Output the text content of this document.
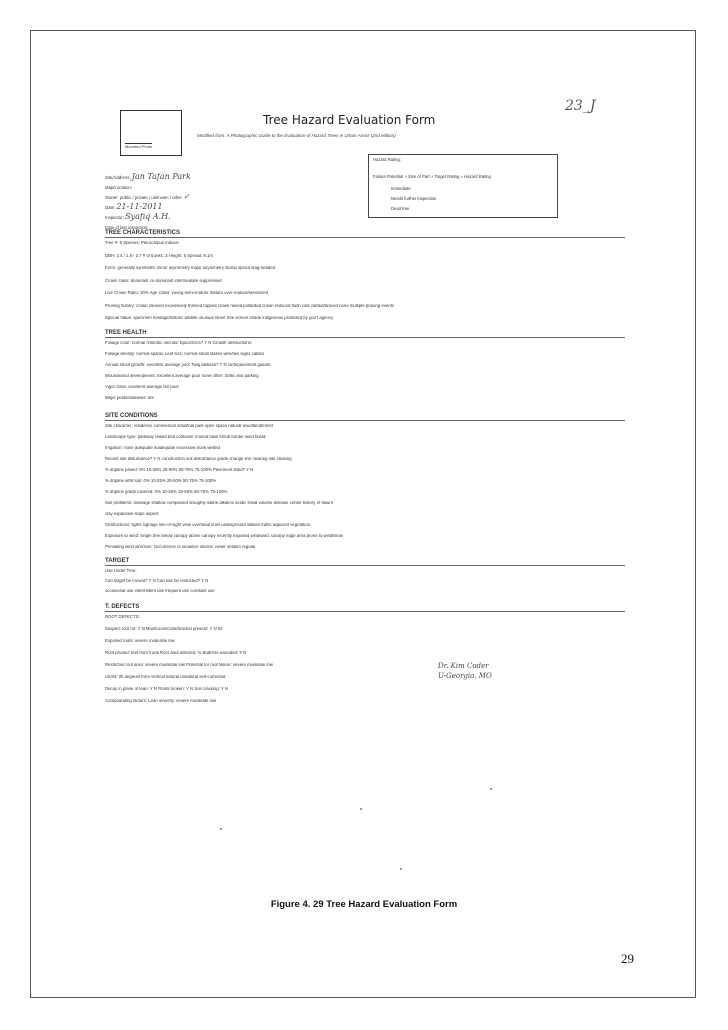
23_J
Mounted Photo
Tree Hazard Evaluation Form
Modified from: A Photographic Guide to the Evaluation of Hazard Trees in Urban Areas (2nd edition)
Hazard Rating:
Failure Potential + Size of Part + Target Rating = Hazard Rating
Immediate
Needs further inspection
Dead tree
Site/Address: Jan Tafan Park
Map/Location:
Owner: public / private / unknown / other ✓
Date: 21-11-2011
Inspector: Syafiq A.H.
Date of last inspection:
TREE CHARACTERISTICS
Tree #: 6 Species: Pterocarpus indicus
DBH: 2.4 / 1.8 / 2.7 # of trunks: 3 Height: 6 Spread: 9.1m
Form: generally symmetric minor asymmetry major asymmetry stump sprout stag-headed
Crown class: dominant co-dominant intermediate suppressed
Live Crown Ratio: 30% Age Class: young semi-mature mature over-mature/senescent
Pruning history: crown cleaned excessively thinned topped crown raised pollarded crown reduced flush cuts cabled/braced none multiple pruning events
Special Value: specimen heritage/historic wildlife unusual street tree screen shade indigenous protected by gov't agency
TREE HEALTH
Foliage color: normal chlorotic necrotic Epicormics? Y N Growth obstructions:
Foliage density: normal sparse Leaf size: normal small stakes wire/ties signs cables
Annual shoot growth: excellent average poor Twig dieback? Y N curb/pavement guards
Woundwood development: excellent average poor none other: traffic and parking
Vigor class: excellent average fair poor
Major pests/diseases: ant
SITE CONDITIONS
Site character: residence commercial industrial park open space natural woodland/forest
Landscape type: parkway raised bed container mound lawn shrub border wind break
Irrigation: none adequate inadequate excessive trunk wetted
Recent site disturbance? Y N construction soil disturbance grade change line clearing site clearing
% dripline paved: 0% 10-25% 25-50% 50-75% 75-100% Pavement lifted? Y N
% dripline w/fill soil: 0% 10-25% 25-50% 50-75% 75-100%
% dripline grade lowered: 0% 10-25% 25-50% 50-75% 75-100%
Soil problems: drainage shallow compacted droughty saline alkaline acidic small volume disease center history of failure
clay expansive slope aspect
Obstructions: lights signage line-of-sight view overhead lines underground utilities traffic adjacent vegetation
Exposure to wind: single tree below canopy above canopy recently exposed windward, canopy edge area prone to windthrow
Prevailing wind direction: Occurrence of snow/ice storms: never seldom regular
TARGET
Use Under Tree:
Can target be moved? Y N Can use be restricted? Y N
occasional use intermittent use frequent use constant use
T. DEFECTS
ROOT DEFECTS:
Suspect root rot: Y N Mushroom/conk/bracket present: Y N ID:
Exposed roots: severe moderate low
Root pruned: feet from trunk Root area affected: % Buttress wounded: Y N
Restricted root area: severe moderate low Potential for root failure: severe moderate low
LEAN: 30 degrees from vertical natural unnatural self-corrected
Decay in plane of lean: Y N Roots broken: Y N Soil cracking: Y N
Compounding factors: Lean severity: severe moderate low
Dr. Kim Coder
U-Georgia, MO
Figure 4. 29 Tree Hazard Evaluation Form
29
